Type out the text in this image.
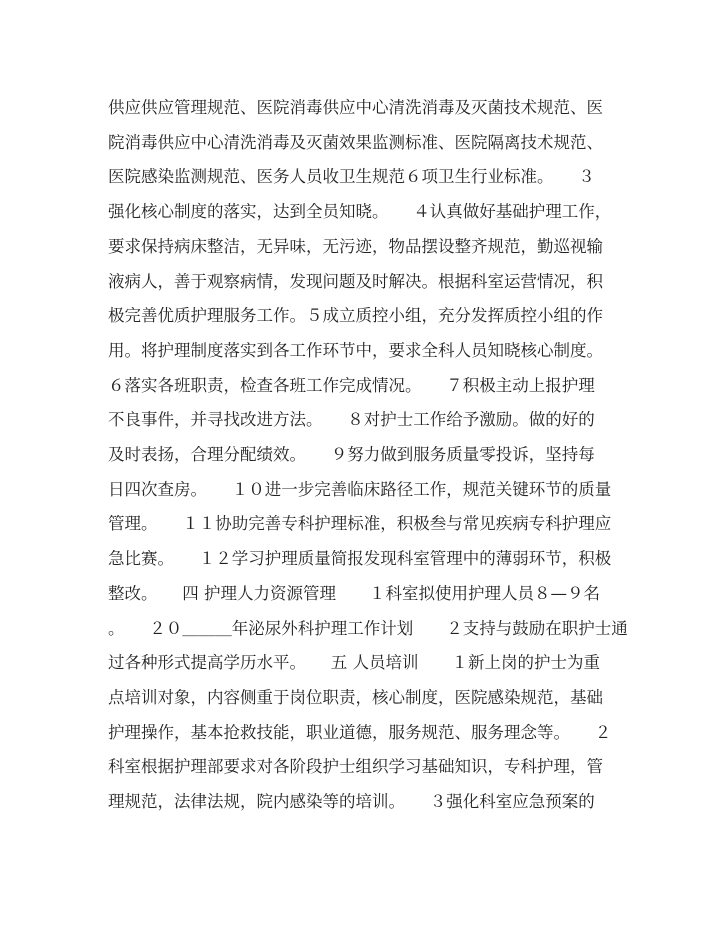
供应供应管理规范、医院消毒供应中心清洗消毒及灭菌技术规范、医
院消毒供应中心清洗消毒及灭菌效果监测标准、医院隔离技术规范、
医院感染监测规范、医务人员收卫生规范６项卫生行业标准。　　３
强化核心制度的落实，达到全员知晓。　　４认真做好基础护理工作，
要求保持病床整洁，无异味，无污迹，物品摆设整齐规范，勤巡视输
液病人，善于观察病情，发现问题及时解决。根据科室运营情况，积
极完善优质护理服务工作。５成立质控小组，充分发挥质控小组的作
用。将护理制度落实到各工作环节中，要求全科人员知晓核心制度。
６落实各班职责，检查各班工作完成情况。　　７积极主动上报护理
不良事件，并寻找改进方法。　　８对护士工作给予激励。做的好的
及时表扬，合理分配绩效。　　９努力做到服务质量零投诉，坚持每
日四次查房。　　１０进一步完善临床路径工作，规范关键环节的质量
管理。　　１１协助完善专科护理标准，积极叁与常见疾病专科护理应
急比赛。　　１２学习护理质量简报发现科室管理中的薄弱环节，积极
整改。　　四 护理人力资源管理　　１科室拟使用护理人员８—９名
。　　２０＿＿＿年泌尿外科护理工作计划　　２支持与鼓励在职护士通
过各种形式提高学历水平。　　五 人员培训　　１新上岗的护士为重
点培训对象，内容侧重于岗位职责，核心制度，医院感染规范，基础
护理操作，基本抢救技能，职业道德，服务规范、服务理念等。　　２
科室根据护理部要求对各阶段护士组织学习基础知识，专科护理，管
理规范，法律法规，院内感染等的培训。　　３强化科室应急预案的
